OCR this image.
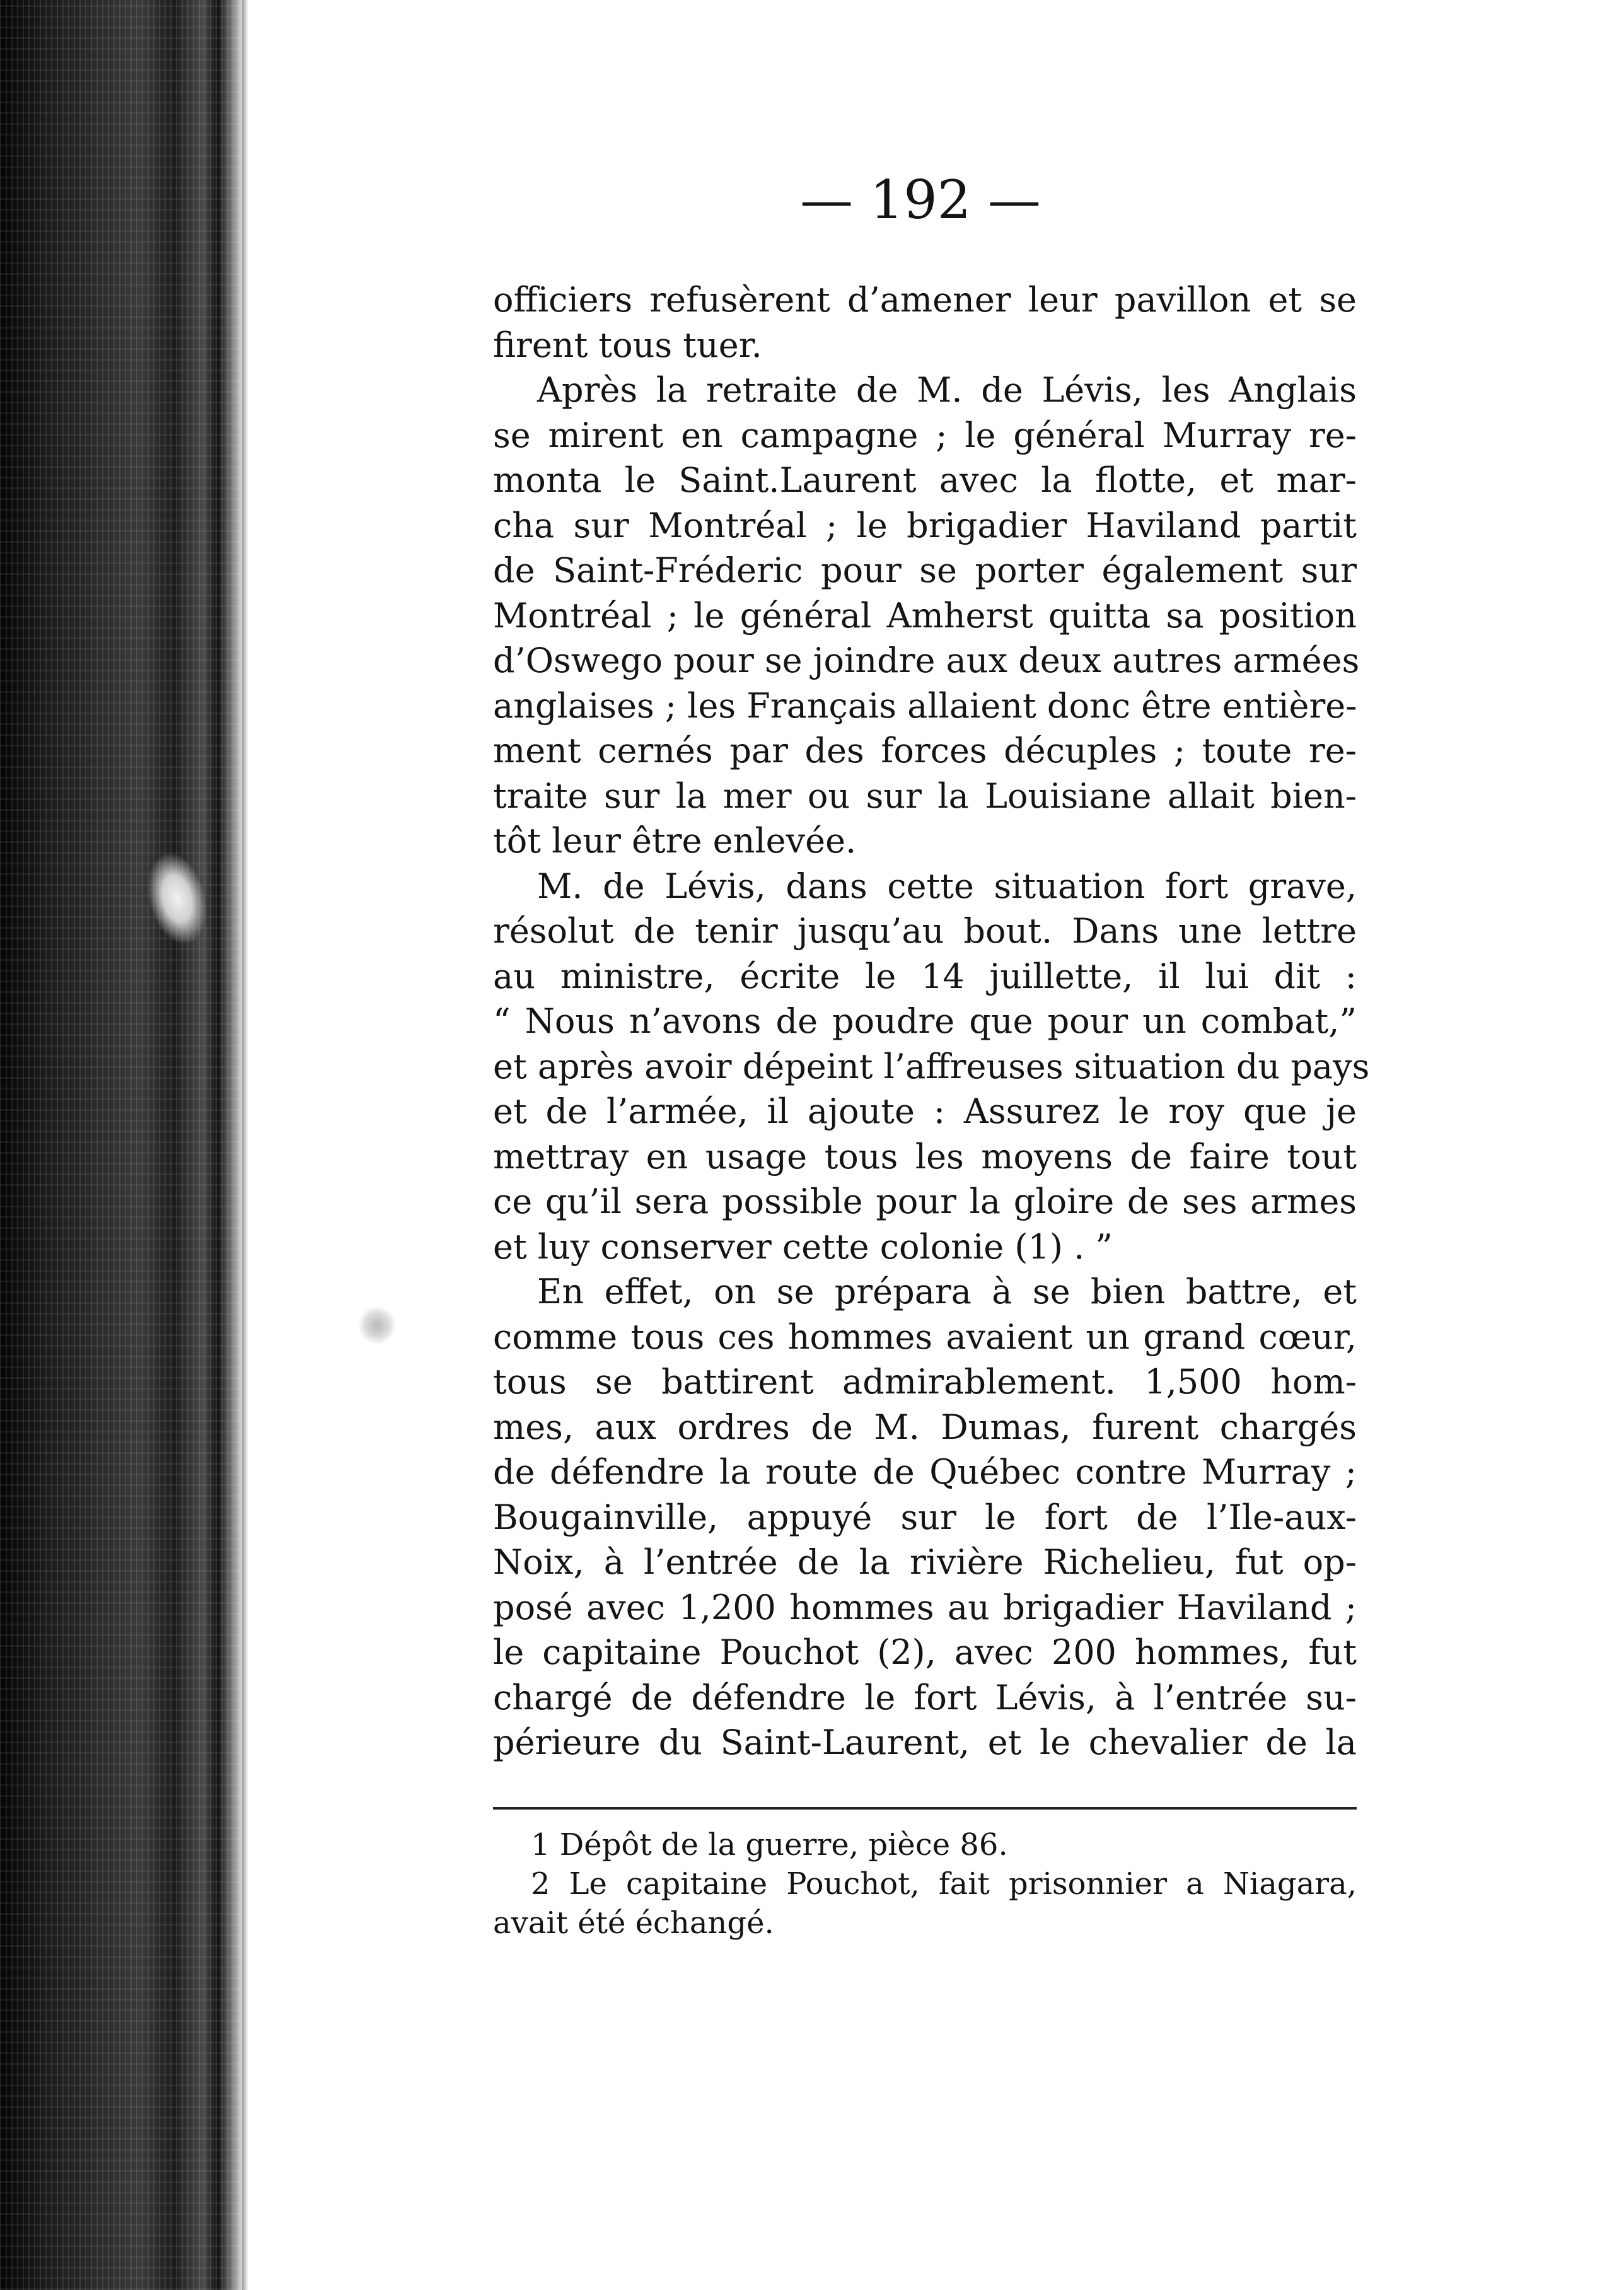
— 192 —
officiers refusèrent d’amener leur pavillon et se
firent tous tuer.
Après la retraite de M. de Lévis, les Anglais
se mirent en campagne ; le général Murray re-
monta le Saint.Laurent avec la flotte, et mar-
cha sur Montréal ; le brigadier Haviland partit
de Saint-Fréderic pour se porter également sur
Montréal ; le général Amherst quitta sa position
d’Oswego pour se joindre aux deux autres armées
anglaises ; les Français allaient donc être entière-
ment cernés par des forces décuples ; toute re-
traite sur la mer ou sur la Louisiane allait bien-
tôt leur être enlevée.
M. de Lévis, dans cette situation fort grave,
résolut de tenir jusqu’au bout. Dans une lettre
au ministre, écrite le 14 juillette, il lui dit :
“ Nous n’avons de poudre que pour un combat,”
et après avoir dépeint l’affreuses situation du pays
et de l’armée, il ajoute : Assurez le roy que je
mettray en usage tous les moyens de faire tout
ce qu’il sera possible pour la gloire de ses armes
et luy conserver cette colonie (1) . ”
En effet, on se prépara à se bien battre, et
comme tous ces hommes avaient un grand cœur,
tous se battirent admirablement. 1,500 hom-
mes, aux ordres de M. Dumas, furent chargés
de défendre la route de Québec contre Murray ;
Bougainville, appuyé sur le fort de l’Ile-aux-
Noix, à l’entrée de la rivière Richelieu, fut op-
posé avec 1,200 hommes au brigadier Haviland ;
le capitaine Pouchot (2), avec 200 hommes, fut
chargé de défendre le fort Lévis, à l’entrée su-
périeure du Saint-Laurent, et le chevalier de la
1 Dépôt de la guerre, pièce 86.
2 Le capitaine Pouchot, fait prisonnier a Niagara,
avait été échangé.
